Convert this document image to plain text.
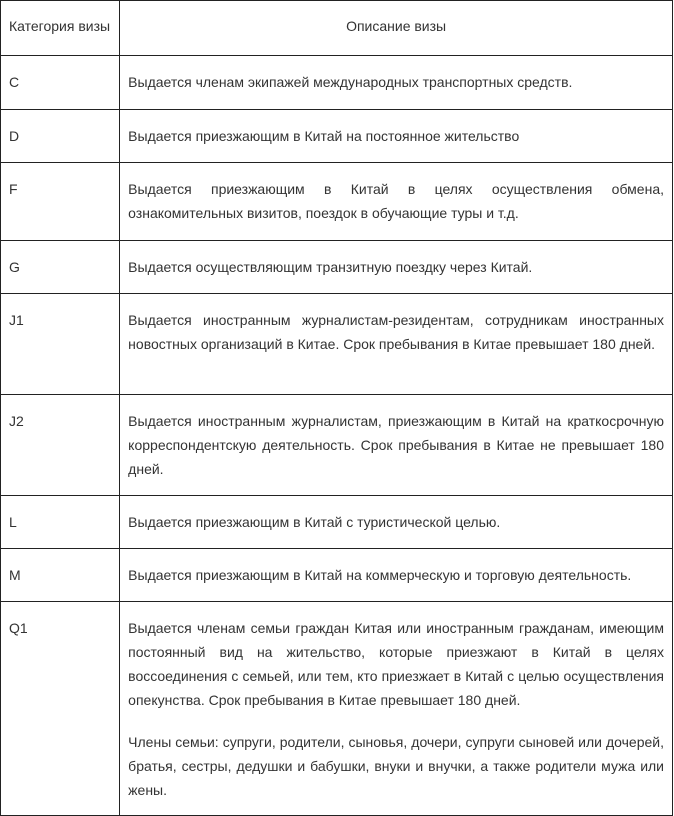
Категория визы	Описание визы
C	Выдается членам экипажей международных транспортных средств.

D	Выдается приезжающим в Китай на постоянное жительство

F	Выдается приезжающим в Китай в целях осуществления обмена, ознакомительных визитов, поездок в обучающие туры и т.д.

G	Выдается осуществляющим транзитную поездку через Китай.

J1	Выдается иностранным журналистам-резидентам, сотрудникам иностранных новостных организаций в Китае. Срок пребывания в Китае превышает 180 дней.

J2	Выдается иностранным журналистам, приезжающим в Китай на краткосрочную корреспондентскую деятельность. Срок пребывания в Китае не превышает 180 дней.

L	Выдается приезжающим в Китай с туристической целью.

M	Выдается приезжающим в Китай на коммерческую и торговую деятельность.

Q1	Выдается членам семьи граждан Китая или иностранным гражданам, имеющим постоянный вид на жительство, которые приезжают в Китай в целях воссоединения с семьей, или тем, кто приезжает в Китай с целью осуществления опекунства. Срок пребывания в Китае превышает 180 дней.

Члены семьи: супруги, родители, сыновья, дочери, супруги сыновей или дочерей, братья, сестры, дедушки и бабушки, внуки и внучки, а также родители мужа или жены.
